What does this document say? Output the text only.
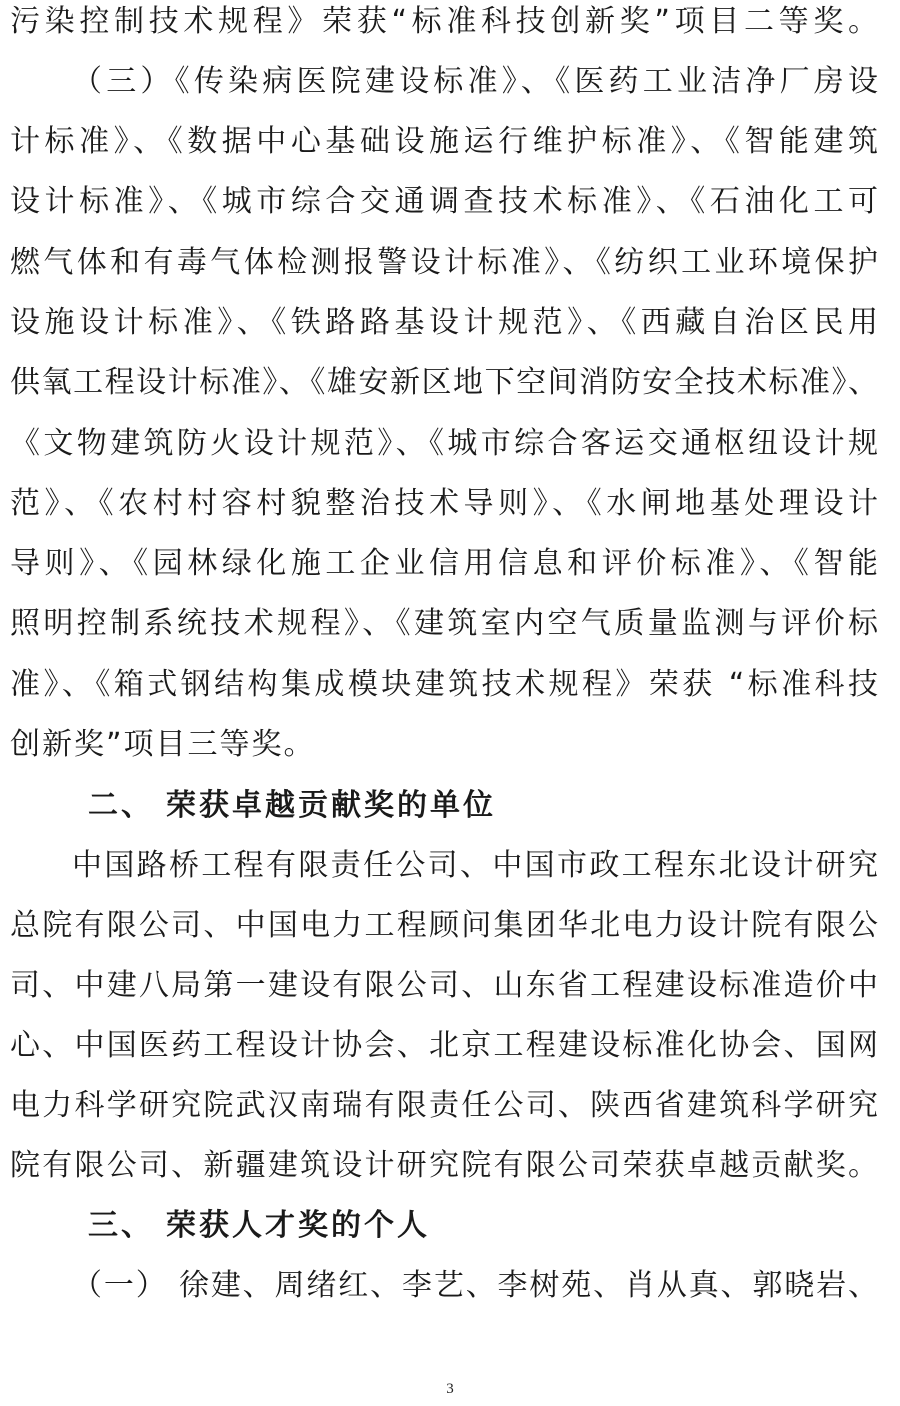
污染控制技术规程》荣获“标准科技创新奖”项目二等奖。
（三）《传染病医院建设标准》、《医药工业洁净厂房设
计标准》、《数据中心基础设施运行维护标准》、《智能建筑
设计标准》、《城市综合交通调查技术标准》、《石油化工可
燃气体和有毒气体检测报警设计标准》、《纺织工业环境保护
设施设计标准》、《铁路路基设计规范》、《西藏自治区民用
供氧工程设计标准》、《雄安新区地下空间消防安全技术标准》、
《文物建筑防火设计规范》、《城市综合客运交通枢纽设计规
范》、《农村村容村貌整治技术导则》、《水闸地基处理设计
导则》、《园林绿化施工企业信用信息和评价标准》、《智能
照明控制系统技术规程》、《建筑室内空气质量监测与评价标
准》、《箱式钢结构集成模块建筑技术规程》荣获 “标准科技
创新奖”项目三等奖。
二、 荣获卓越贡献奖的单位
中国路桥工程有限责任公司、中国市政工程东北设计研究
总院有限公司、中国电力工程顾问集团华北电力设计院有限公
司、中建八局第一建设有限公司、山东省工程建设标准造价中
心、中国医药工程设计协会、北京工程建设标准化协会、国网
电力科学研究院武汉南瑞有限责任公司、陕西省建筑科学研究
院有限公司、新疆建筑设计研究院有限公司荣获卓越贡献奖。
三、 荣获人才奖的个人
（一） 徐建、周绪红、李艺、李树苑、肖从真、郭晓岩、
3
